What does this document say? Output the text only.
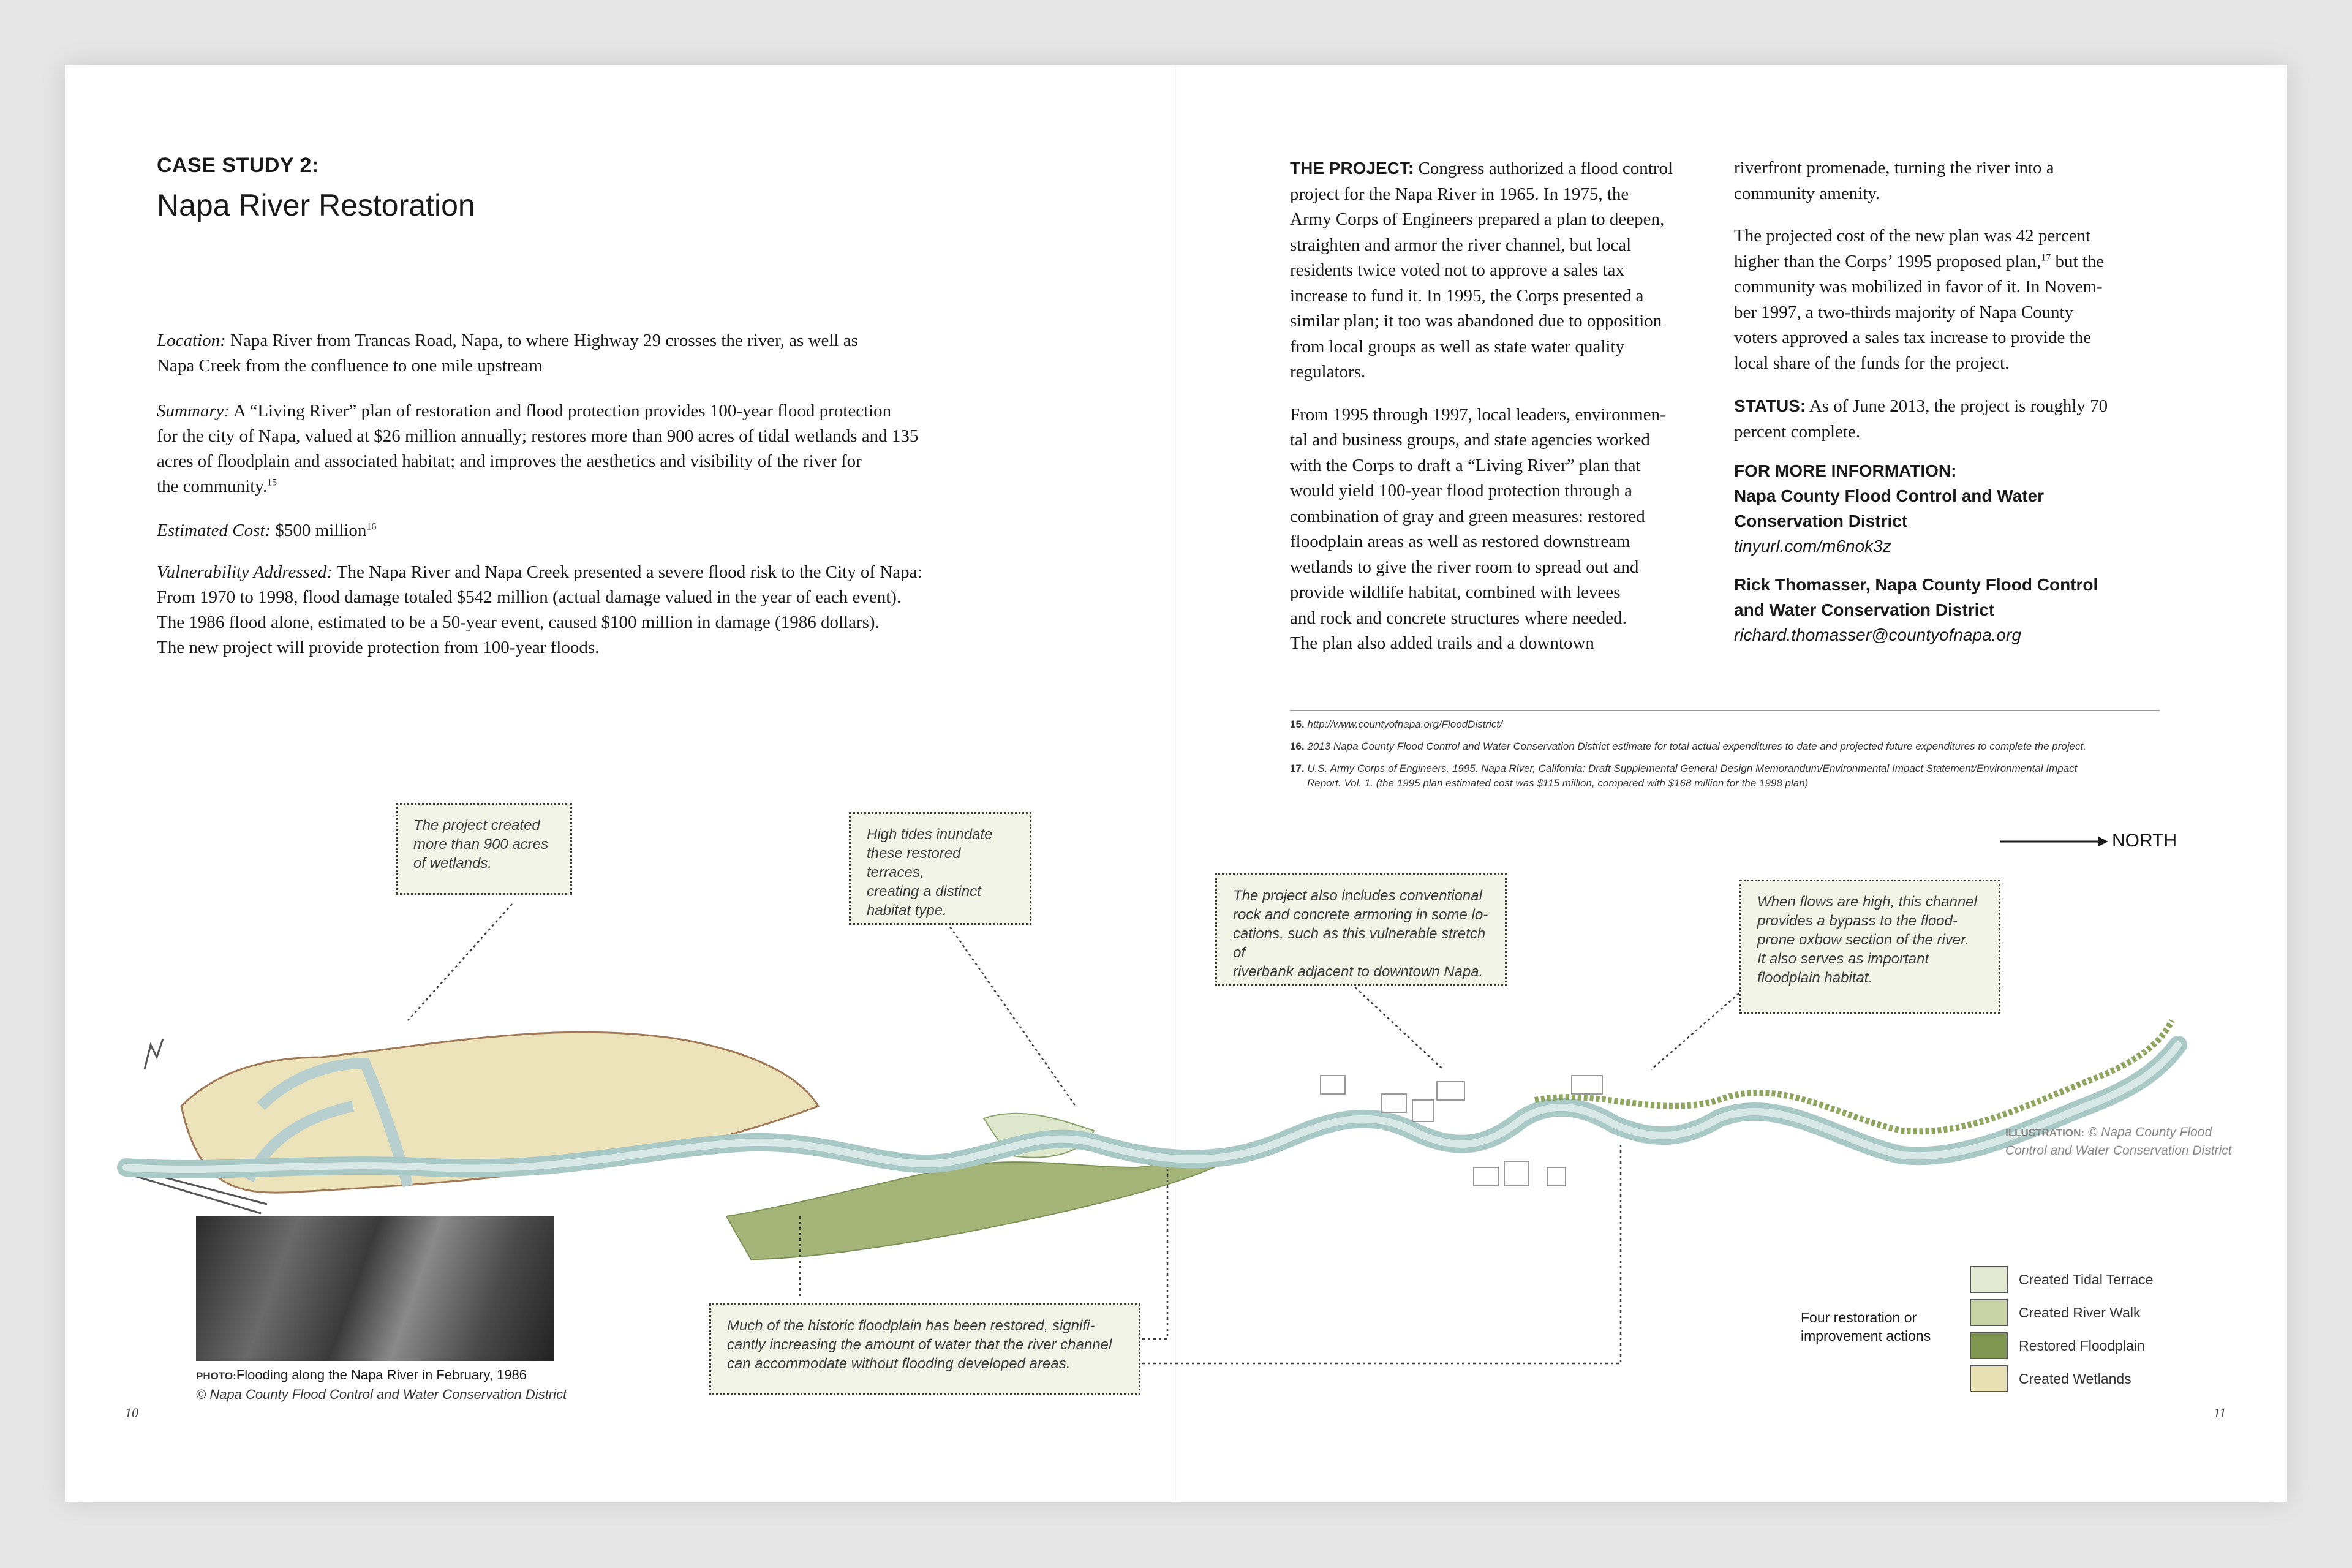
CASE STUDY 2:
Napa River Restoration

Location: Napa River from Trancas Road, Napa, to where Highway 29 crosses the river, as well as

Napa Creek from the confluence to one mile upstream

Summary: A “Living River” plan of restoration and flood protection provides 100-year flood protection

for the city of Napa, valued at $26 million annually; restores more than 900 acres of tidal wetlands and 135

acres of floodplain and associated habitat; and improves the aesthetics and visibility of the river for

the community.$^{15}$

Estimated Cost: $500 million$^{16}$

Vulnerability Addressed: The Napa River and Napa Creek presented a severe flood risk to the City of Napa:

From 1970 to 1998, flood damage totaled $542 million (actual damage valued in the year of each event).

The 1986 flood alone, estimated to be a 50-year event, caused $100 million in damage (1986 dollars).

The new project will provide protection from 100-year floods.

THE PROJECT: Congress authorized a flood control
project for the Napa River in 1965. In 1975, the
Army Corps of Engineers prepared a plan to deepen,
straighten and armor the river channel, but local
residents twice voted not to approve a sales tax
increase to fund it. In 1995, the Corps presented a
similar plan; it too was abandoned due to opposition
from local groups as well as state water quality
regulators.

From 1995 through 1997, local leaders, environmen-
tal and business groups, and state agencies worked
with the Corps to draft a “Living River” plan that
would yield 100-year flood protection through a
combination of gray and green measures: restored
floodplain areas as well as restored downstream
wetlands to give the river room to spread out and
provide wildlife habitat, combined with levees
and rock and concrete structures where needed.
The plan also added trails and a downtown

riverfront promenade, turning the river into a
community amenity.

The projected cost of the new plan was 42 percent
higher than the Corps’ 1995 proposed plan,$^{17}$ but the
community was mobilized in favor of it. In Novem-
ber 1997, a two-thirds majority of Napa County
voters approved a sales tax increase to provide the
local share of the funds for the project.

STATUS: As of June 2013, the project is roughly 70
percent complete.

FOR MORE INFORMATION:
Napa County Flood Control and Water
Conservation District
tinyurl.com/m6nok3z
Rick Thomasser, Napa County Flood Control
and Water Conservation District
richard.thomasser@countyofnapa.org
15. http://www.countyofnapa.org/FloodDistrict/
16. 2013 Napa County Flood Control and Water Conservation District estimate for total actual expenditures to date and projected future expenditures to complete the project.
17. U.S. Army Corps of Engineers, 1995. Napa River, California: Draft Supplemental General Design Memorandum/Environmental Impact Statement/Environmental Impact
Report. Vol. 1. (the 1995 plan estimated cost was $115 million, compared with $168 million for the 1998 plan)
NORTH
The project created
more than 900 acres
of wetlands.
High tides inundate
these restored terraces,
creating a distinct
habitat type.
The project also includes conventional
rock and concrete armoring in some lo-
cations, such as this vulnerable stretch of
riverbank adjacent to downtown Napa.
When flows are high, this channel
provides a bypass to the flood-
prone oxbow section of the river.
It also serves as important
floodplain habitat.
Much of the historic floodplain has been restored, signifi-
cantly increasing the amount of water that the river channel
can accommodate without flooding developed areas.
PHOTO:Flooding along the Napa River in February, 1986
© Napa County Flood Control and Water Conservation District
ILLUSTRATION: © Napa County Flood
Control and Water Conservation District
Four restoration or
improvement actions
Created Tidal Terrace
Created River Walk
Restored Floodplain
Created Wetlands
10	11
